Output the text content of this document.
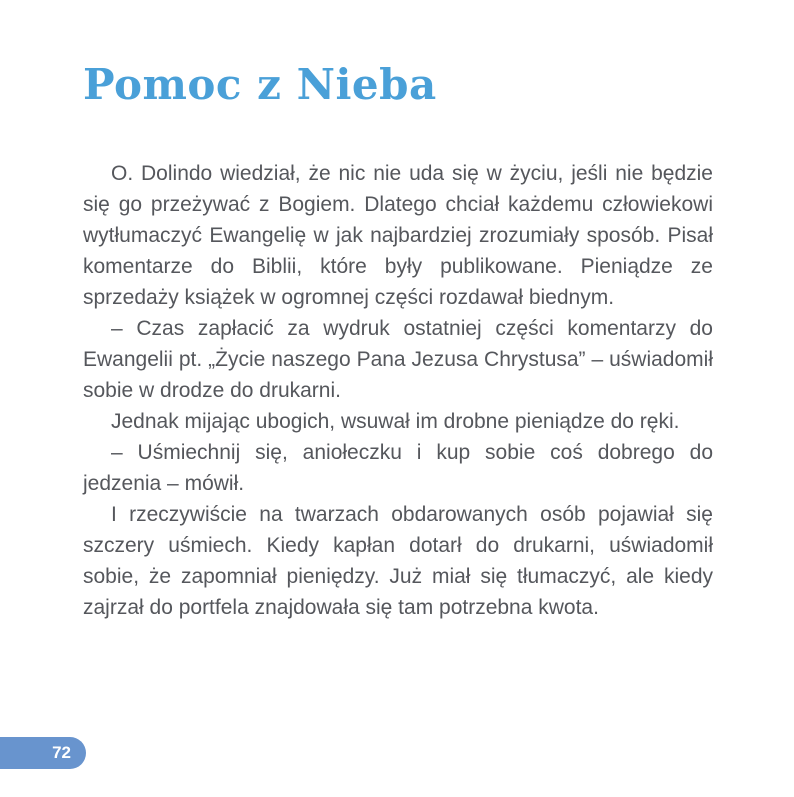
Pomoc z Nieba

O. Dolindo wiedział, że nic nie uda się w życiu, jeśli nie będzie się go przeżywać z Bogiem. Dlatego chciał każdemu człowiekowi wytłumaczyć Ewangelię w jak najbardziej zrozumiały sposób. Pisał komentarze do Biblii, które były publikowane. Pieniądze ze sprzedaży książek w ogromnej części rozdawał biednym.

– Czas zapłacić za wydruk ostatniej części komentarzy do Ewangelii pt. „Życie naszego Pana Jezusa Chrystusa” – uświadomił sobie w drodze do drukarni.

Jednak mijając ubogich, wsuwał im drobne pieniądze do ręki.

– Uśmiechnij się, aniołeczku i kup sobie coś dobrego do jedzenia – mówił.

I rzeczywiście na twarzach obdarowanych osób pojawiał się szczery uśmiech. Kiedy kapłan dotarł do drukarni, uświadomił sobie, że zapomniał pieniędzy. Już miał się tłumaczyć, ale kiedy zajrzał do portfela znajdowała się tam potrzebna kwota.

72
